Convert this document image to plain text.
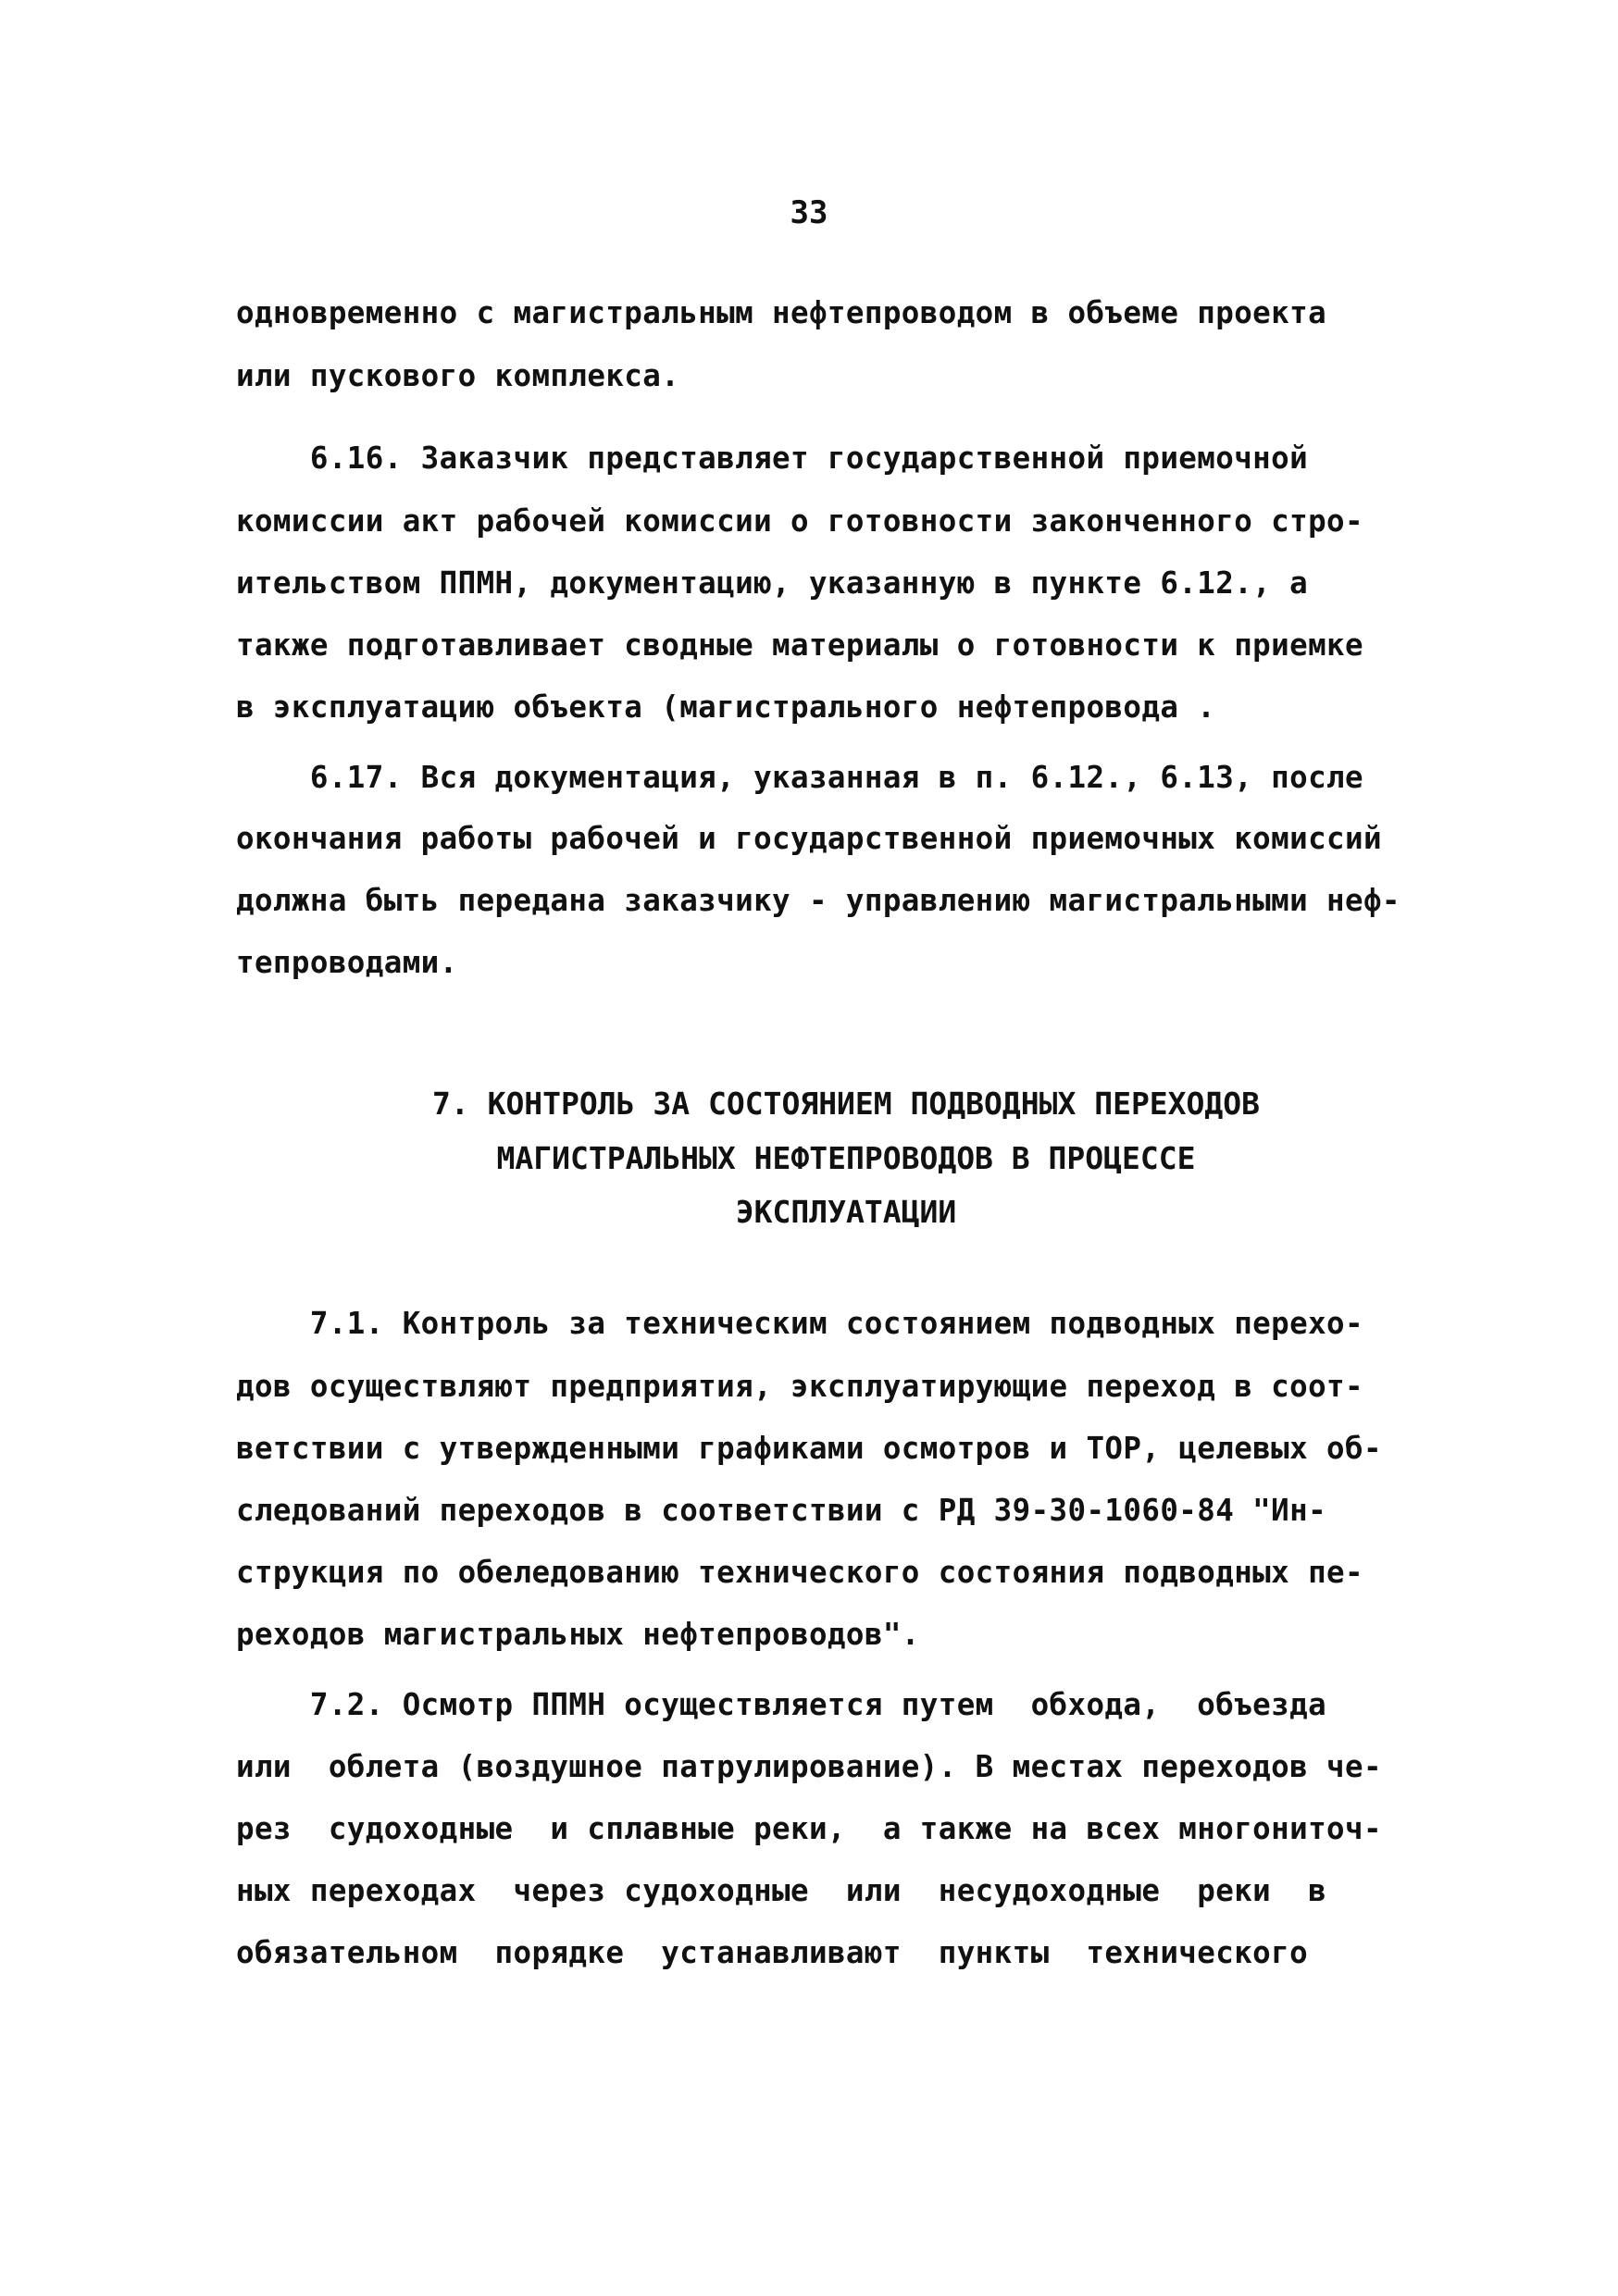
33
одновременно с магистральным нефтепроводом в объеме проекта
или пускового комплекса.
6.16. Заказчик представляет государственной приемочной
комиссии акт рабочей комиссии о готовности законченного стро-
ительством ППМН, документацию, указанную в пункте 6.12., а
также подготавливает сводные материалы о готовности к приемке
в эксплуатацию объекта (магистрального нефтепровода .
6.17. Вся документация, указанная в п. 6.12., 6.13, после
окончания работы рабочей и государственной приемочных комиссий
должна быть передана заказчику - управлению магистральными неф-
тепроводами.
7. КОНТРОЛЬ ЗА СОСТОЯНИЕМ ПОДВОДНЫХ ПЕРЕХОДОВ
МАГИСТРАЛЬНЫХ НЕФТЕПРОВОДОВ В ПРОЦЕССЕ
ЭКСПЛУАТАЦИИ
7.1. Контроль за техническим состоянием подводных перехо-
дов осуществляют предприятия, эксплуатирующие переход в соот-
ветствии с утвержденными графиками осмотров и ТОР, целевых об-
следований переходов в соответствии с РД 39-30-1060-84 "Ин-
струкция по обеледованию технического состояния подводных пе-
реходов магистральных нефтепроводов".
7.2. Осмотр ППМН осуществляется путем  обхода,  объезда
или  облета (воздушное патрулирование). В местах переходов че-
рез  судоходные  и сплавные реки,  а также на всех многониточ-
ных переходах  через судоходные  или  несудоходные  реки  в
обязательном  порядке  устанавливают  пункты  технического
